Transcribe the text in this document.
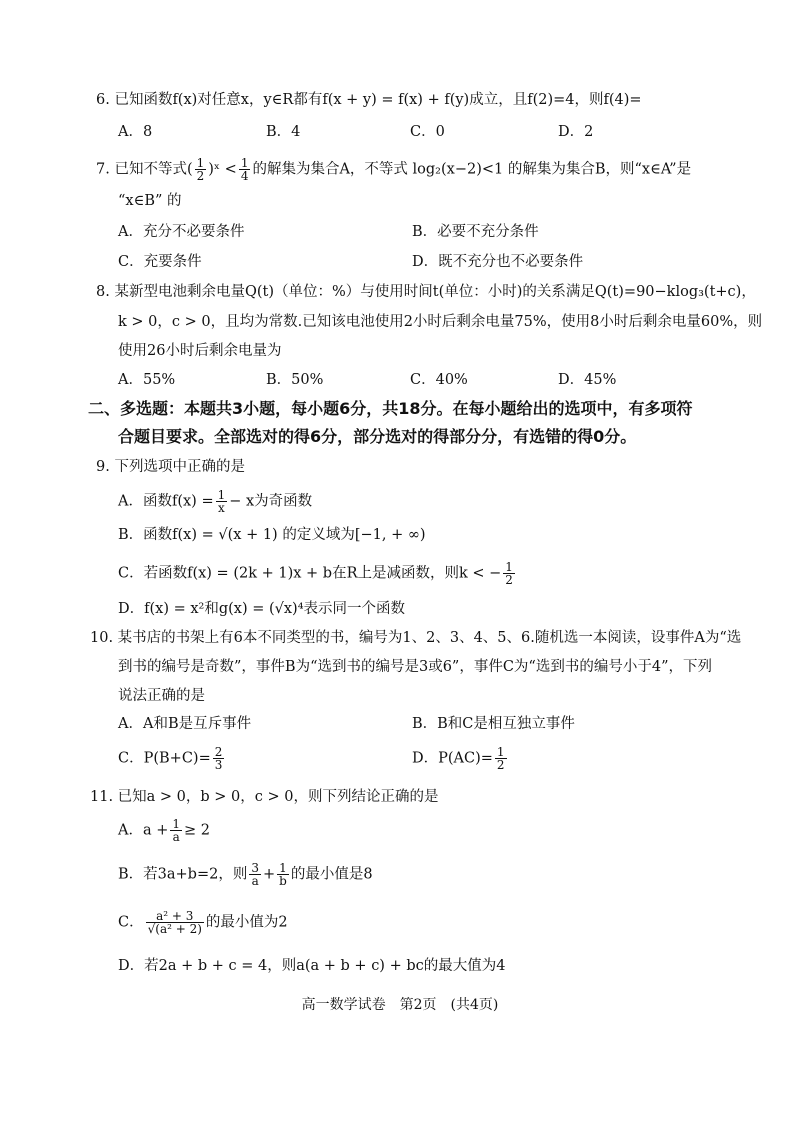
6. 已知函数f(x)对任意x，y∈R都有f(x + y) = f(x) + f(y)成立，且f(2)=4，则f(4)=
A．8	B．4	C．0	D．2
7. 已知不等式( $\frac{1}{2}$ )ˣ < $\frac{1}{4}$ 的解集为集合A，不等式 log₂(x−2)<1 的解集为集合B，则“x∈A”是
“x∈B” 的
A．充分不必要条件	B．必要不充分条件
C．充要条件	D．既不充分也不必要条件
8. 某新型电池剩余电量Q(t)（单位：%）与使用时间t(单位：小时)的关系满足Q(t)=90−klog₃(t+c)，
k > 0，c > 0，且均为常数.已知该电池使用2小时后剩余电量75%，使用8小时后剩余电量60%，则
使用26小时后剩余电量为
A．55%	B．50%	C．40%	D．45%
二、多选题：本题共3小题，每小题6分，共18分。在每小题给出的选项中，有多项符
合题目要求。全部选对的得6分，部分选对的得部分分，有选错的得0分。
9. 下列选项中正确的是
A．函数$f(x) = \frac{1}{x} - x$为奇函数
B．函数f(x) = √(x + 1) 的定义域为[−1, + ∞)
C．若函数f(x) = (2k + 1)x + b在R上是减函数，则k < − $\frac{1}{2}$
D．f(x) = x²和g(x) = (√x)⁴表示同一个函数
10. 某书店的书架上有6本不同类型的书，编号为1、2、3、4、5、6.随机选一本阅读，设事件A为“选
到书的编号是奇数”，事件B为“选到书的编号是3或6”，事件C为“选到书的编号小于4”，下列
说法正确的是
A．A和B是互斥事件	B．B和C是相互独立事件
C．$P(B+C)= \frac{2}{3}$	D．$P(AC)= \frac{1}{2}$
11. 已知a > 0，b > 0，c > 0，则下列结论正确的是
A．$a + \frac{1}{a} \ge 2$
B．若3a+b=2，则 $\frac{3}{a} + \frac{1}{b}$ 的最小值是8
C． $\frac{\text{a² + 3}}{\text{√(a² + 2)}}$ 的最小值为2
D．若2a + b + c = 4，则a(a + b + c) + bc的最大值为4
高一数学试卷　第2页　(共4页)
